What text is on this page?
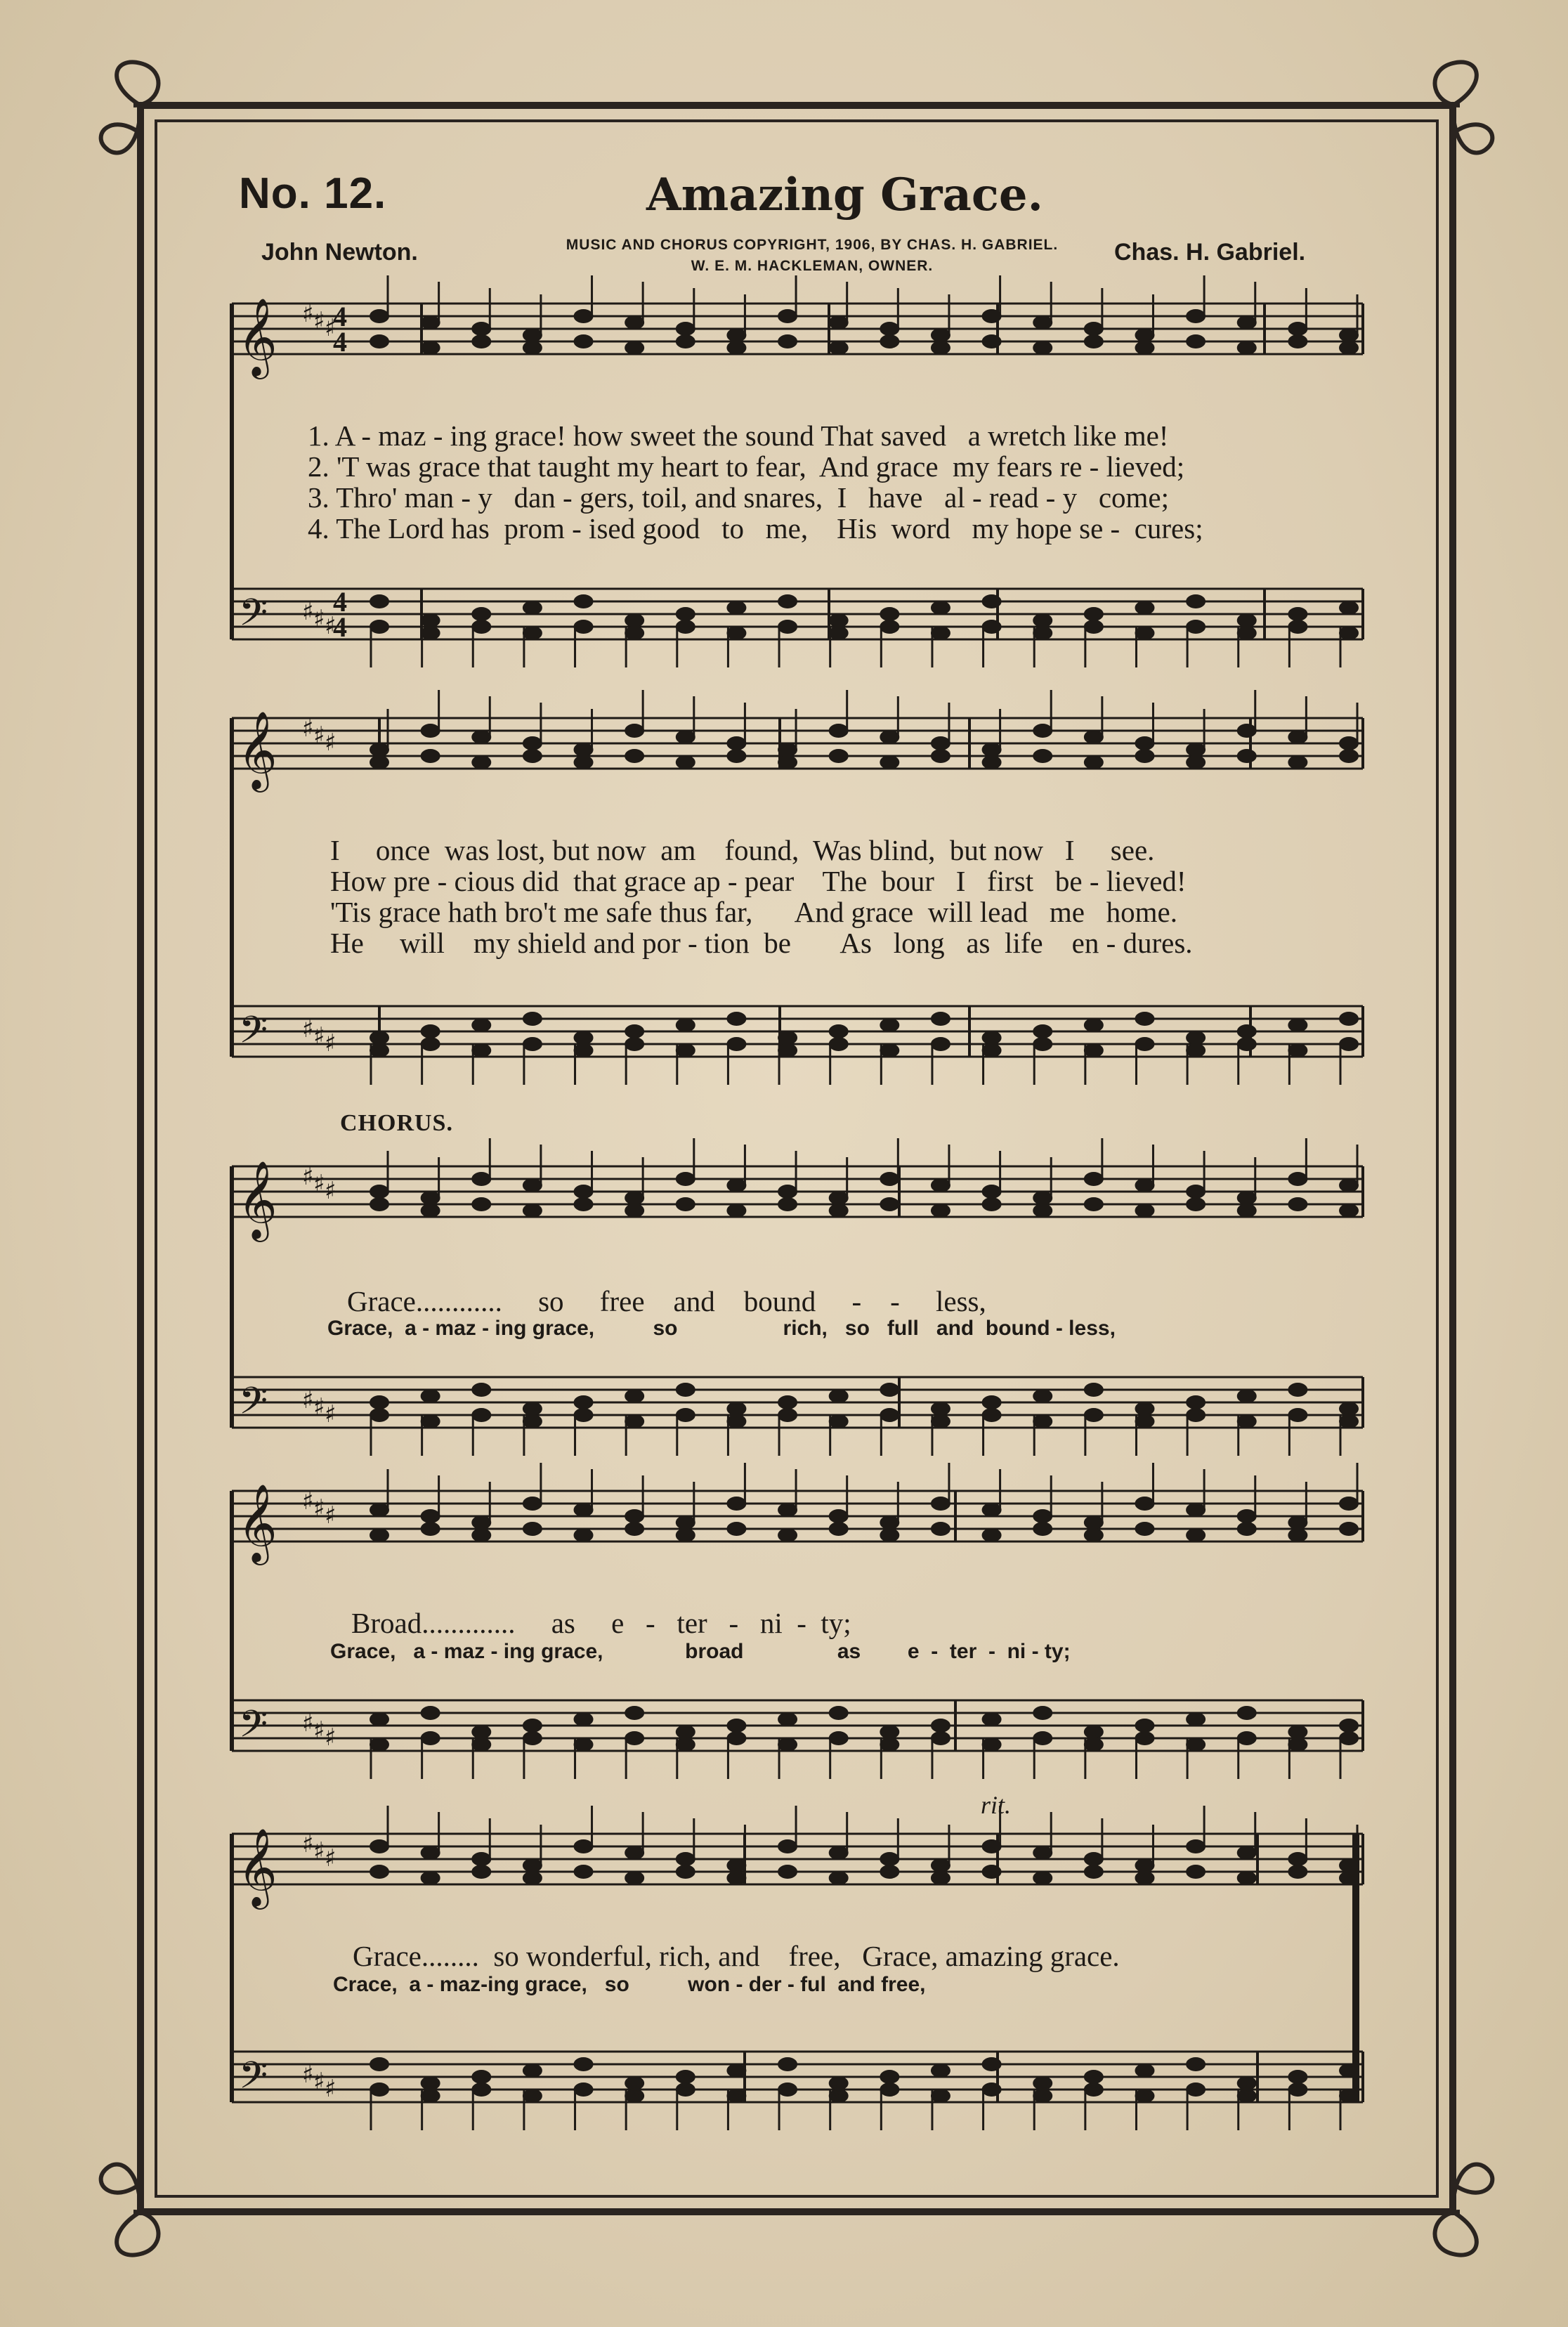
No. 12.	Amazing Grace.
John Newton.	MUSIC AND CHORUS COPYRIGHT, 1906, BY CHAS. H. GABRIEL.
W. E. M. HACKLEMAN, OWNER.
Chas. H. Gabriel.
♯
♯
♯
♯
♯
♯
♯
♯
♯
♯
♯
♯
♯
♯
♯
♯
♯
♯
♯
♯
♯
♯
♯
♯
♯
♯
♯
♯
♯
♯
𝄞
𝄞
𝄞
𝄞
𝄞
𝄢
𝄢
𝄢
𝄢
𝄢
4
4
4
4
1. A - maz - ing grace! how sweet the sound That saved   a wretch like me!
2. 'T was grace that taught my heart to fear,  And grace  my fears re - lieved;
3. Thro' man - y   dan - gers, toil, and snares,  I   have   al - read - y   come;
4. The Lord has  prom - ised good   to   me,    His  word   my hope se -  cures;
I     once  was lost, but now  am    found,  Was blind,  but now   I     see.
How pre - cious did  that grace ap - pear    The  bour   I   first   be - lieved!
'Tis grace hath bro't me safe thus far,      And grace  will lead   me   home.
He     will    my shield and por - tion  be       As   long   as  life    en - dures.
CHORUS.
Grace............     so     free    and    bound     -    -     less,
Grace,  a - maz - ing grace,          so                  rich,   so   full   and  bound - less,
Broad.............     as     e   -   ter   -   ni  -  ty;
Grace,   a - maz - ing grace,              broad                as        e  -  ter  -  ni - ty;
rit.
Grace........  so wonderful, rich, and    free,   Grace, amazing grace.
Crace,  a - maz-ing grace,   so          won - der - ful  and free,
